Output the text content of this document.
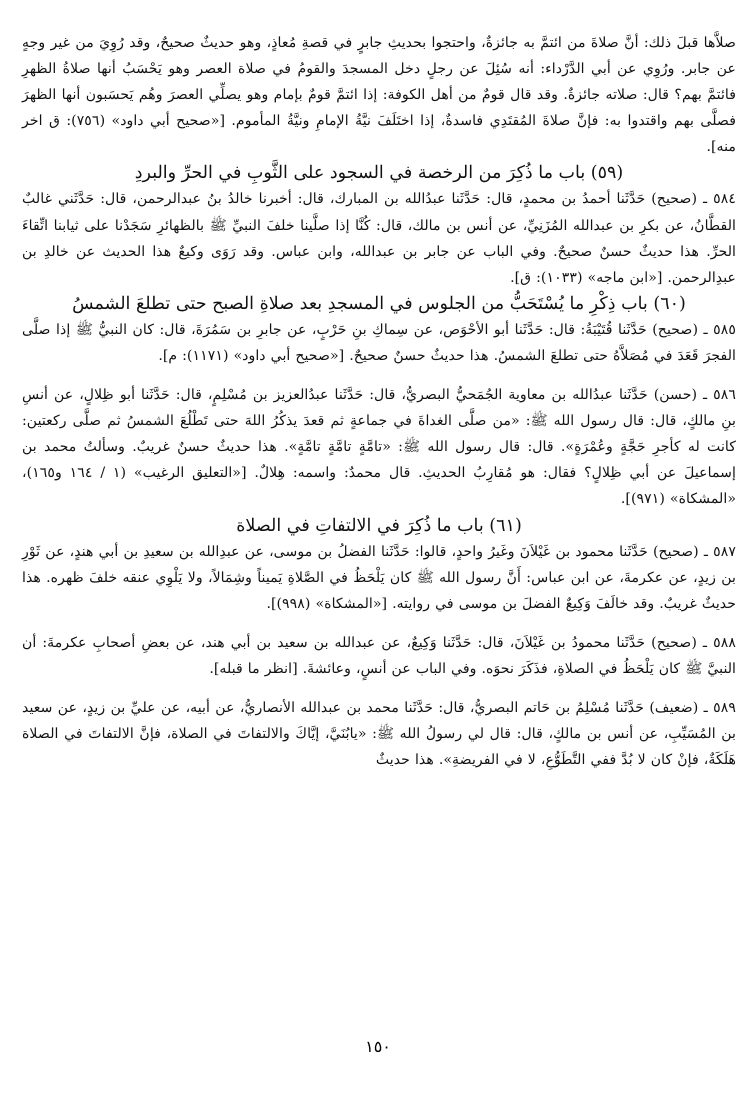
صلاَّها قبلَ ذلك: أنَّ صلاةَ من ائتمَّ به جائزةٌ، واحتجوا بحديثِ جابرٍ في قصةِ مُعاذٍ، وهو حديثٌ صحيحٌ، وقد رُوِيَ من غير وجهٍ عن جابر. ورُوِي عن أبي الدَّرْداء: أنه سُئِلَ عن رجلٍ دخل المسجدَ والقومُ في صلاة العصر وهو يَحْسَبُ أنها صلاةُ الظهرِ فائتمَّ بهم؟ قال: صلاته جائزةٌ. وقد قال قومٌ من أهل الكوفة: إذا ائتمَّ قومٌ بإمام وهو يصلِّي العصرَ وهُم يَحسَبون أنها الظهرَ فصلَّى بهم واقتدوا به: فإنَّ صلاةَ المُقتَدِي فاسدةٌ، إذا اختَلَفَ نيَّةُ الإمامِ ونيَّةُ المأموم. [«صحيح أبي داود» (٧٥٦): ق اخر منه].

(٥٩) باب ما ذُكِرَ من الرخصة في السجود على الثَّوبِ في الحرِّ والبردِ

٥٨٤ ـ (صحيح) حَدَّثَنا أحمدُ بن محمدٍ، قال: حَدَّثَنا عبدُالله بن المبارك، قال: أخبرنا خالدُ بنُ عبدالرحمن، قال: حَدَّثَني غالبٌ القطَّانُ، عن بكرِ بن عبدالله المُزَنِيِّ، عن أنس بن مالك، قال: كُنَّا إذا صلَّينا خلفَ النبيِّ ﷺ بالظهائرِ سَجَدْنا على ثيابنا اتِّقاءَ الحرِّ. هذا حديثٌ حسنٌ صحيحٌ. وفي الباب عن جابر بن عبدالله، وابن عباس. وقد رَوَى وكيعٌ هذا الحديث عن خالدِ بن عبدِالرحمن. [«ابن ماجه» (١٠٣٣): ق].

(٦٠) باب ذِكْرِ ما يُسْتَحَبُّ من الجلوس في المسجدِ بعد صلاةِ الصبح حتى تطلعَ الشمسُ

٥٨٥ ـ (صحيح) حَدَّثَنا قُتَيْبَةُ: قال: حَدَّثَنا أبو الأحْوَص، عن سِماكِ بنِ حَرْبٍ، عن جابرِ بن سَمُرَةَ، قال: كان النبيُّ ﷺ إذا صلَّى الفجرَ قَعَدَ في مُصَلاَّهُ حتى تطلعَ الشمسُ. هذا حديثٌ حسنٌ صحيحٌ. [«صحيح أبي داود» (١١٧١): م].

٥٨٦ ـ (حسن) حَدَّثَنا عبدُالله بن معاوية الجُمَحيُّ البصريُّ، قال: حَدَّثَنا عبدُالعزيز بن مُسْلِمٍ، قال: حَدَّثَنا أبو ظِلالٍ، عن أنسِ بنِ مالكٍ، قال: قال رسول الله ﷺ: «من صلَّى الغداةَ في جماعةٍ ثم قعدَ يذكُرُ اللهَ حتى تَطْلُعَ الشمسُ ثم صلَّى ركعتين: كانت له كأجرِ حَجَّةٍ وعُمْرَةٍ». قال: قال رسول الله ﷺ: «تامَّةٍ تامَّةٍ تامَّةٍ». هذا حديثٌ حسنٌ غريبٌ. وسألتُ محمد بن إسماعيلَ عن أبي ظِلالٍ؟ فقال: هو مُقارِبُ الحديثِ. قال محمدٌ: واسمه: هِلالٌ. [«التعليق الرغيب» (١ / ١٦٤ و١٦٥)، «المشكاة» (٩٧١)].

(٦١) باب ما ذُكِرَ في الالتفاتِ في الصلاة

٥٨٧ ـ (صحيح) حَدَّثَنا محمود بن غَيْلاَنَ وغَيرُ واحدٍ، قالوا: حَدَّثَنا الفضلُ بن موسى، عن عبدِالله بن سعيدِ بن أبي هندٍ، عن ثَوْرِ بن زيدٍ، عن عكرمةَ، عن ابن عباس: أَنَّ رسول الله ﷺ كان يَلْحَظُ في الصَّلاةِ يَميناً وشِمَالاً، ولا يَلْوِي عنقه خلفَ ظهره. هذا حديثٌ غريبٌ. وقد خالَفَ وَكِيعٌ الفضلَ بن موسى في روايته. [«المشكاة» (٩٩٨)].

٥٨٨ ـ (صحيح) حَدَّثَنا محمودُ بن غَيْلاَنَ، قال: حَدَّثَنا وَكِيعٌ، عن عبدالله بن سعيد بن أبي هند، عن بعضِ أصحابِ عكرمةَ: أن النبيَّ ﷺ كان يَلْحَظُ في الصلاةِ، فذَكَرَ نحوَه. وفي الباب عن أنسٍ، وعائشةَ. [انظر ما قبله].

٥٨٩ ـ (ضعيف) حَدَّثَنا مُسْلِمُ بن حَاتم البصريُّ، قال: حَدَّثَنا محمد بن عبدالله الأنصاريُّ، عن أبيه، عن عليِّ بن زيدٍ، عن سعيد بن المُسَيِّبِ، عن أنس بن مالكٍ، قال: قال لي رسولُ الله ﷺ: «يابُنَيَّ، إيَّاكَ والالتفاتَ في الصلاة، فإنَّ الالتفاتَ في الصلاة هَلَكَةٌ، فإنْ كان لا بُدَّ ففي التَّطَوُّعِ، لا في الفريضةِ». هذا حديثٌ

١٥٠
